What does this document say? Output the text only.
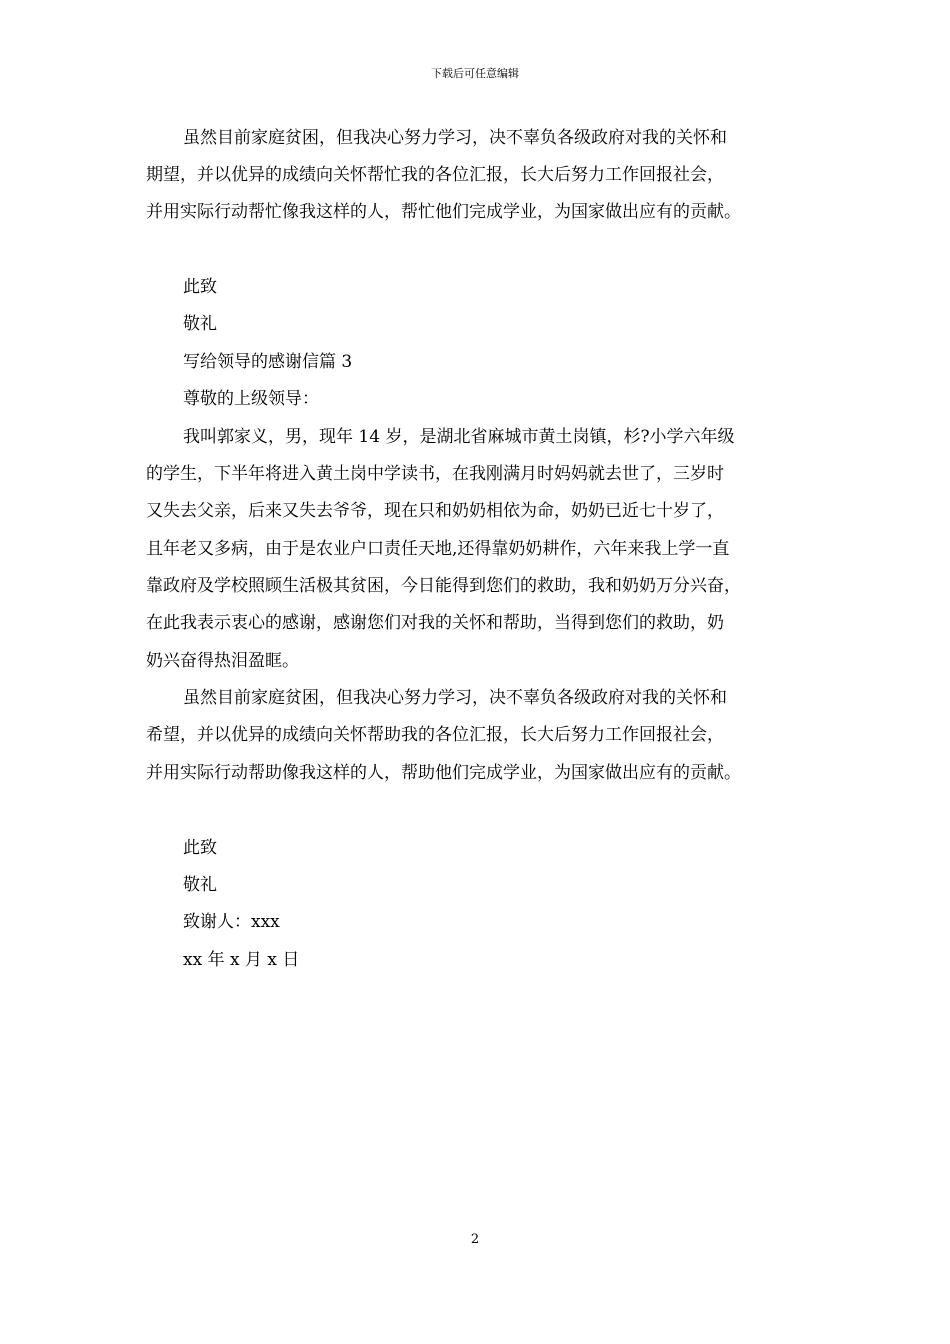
下载后可任意编辑
虽然目前家庭贫困，但我决心努力学习，决不辜负各级政府对我的关怀和
期望，并以优异的成绩向关怀帮忙我的各位汇报，长大后努力工作回报社会，
并用实际行动帮忙像我这样的人，帮忙他们完成学业，为国家做出应有的贡献。
此致
敬礼
写给领导的感谢信篇 3
尊敬的上级领导：
我叫郭家义，男，现年 14 岁，是湖北省麻城市黄土岗镇，杉?小学六年级
的学生，下半年将进入黄土岗中学读书，在我刚满月时妈妈就去世了，三岁时
又失去父亲，后来又失去爷爷，现在只和奶奶相依为命，奶奶已近七十岁了，
且年老又多病，由于是农业户口责任天地,还得靠奶奶耕作，六年来我上学一直
靠政府及学校照顾生活极其贫困，今日能得到您们的救助，我和奶奶万分兴奋，
在此我表示衷心的感谢，感谢您们对我的关怀和帮助，当得到您们的救助，奶
奶兴奋得热泪盈眶。
虽然目前家庭贫困，但我决心努力学习，决不辜负各级政府对我的关怀和
希望，并以优异的成绩向关怀帮助我的各位汇报，长大后努力工作回报社会，
并用实际行动帮助像我这样的人，帮助他们完成学业，为国家做出应有的贡献。
此致
敬礼
致谢人：xxx
xx 年 x 月 x 日
2
